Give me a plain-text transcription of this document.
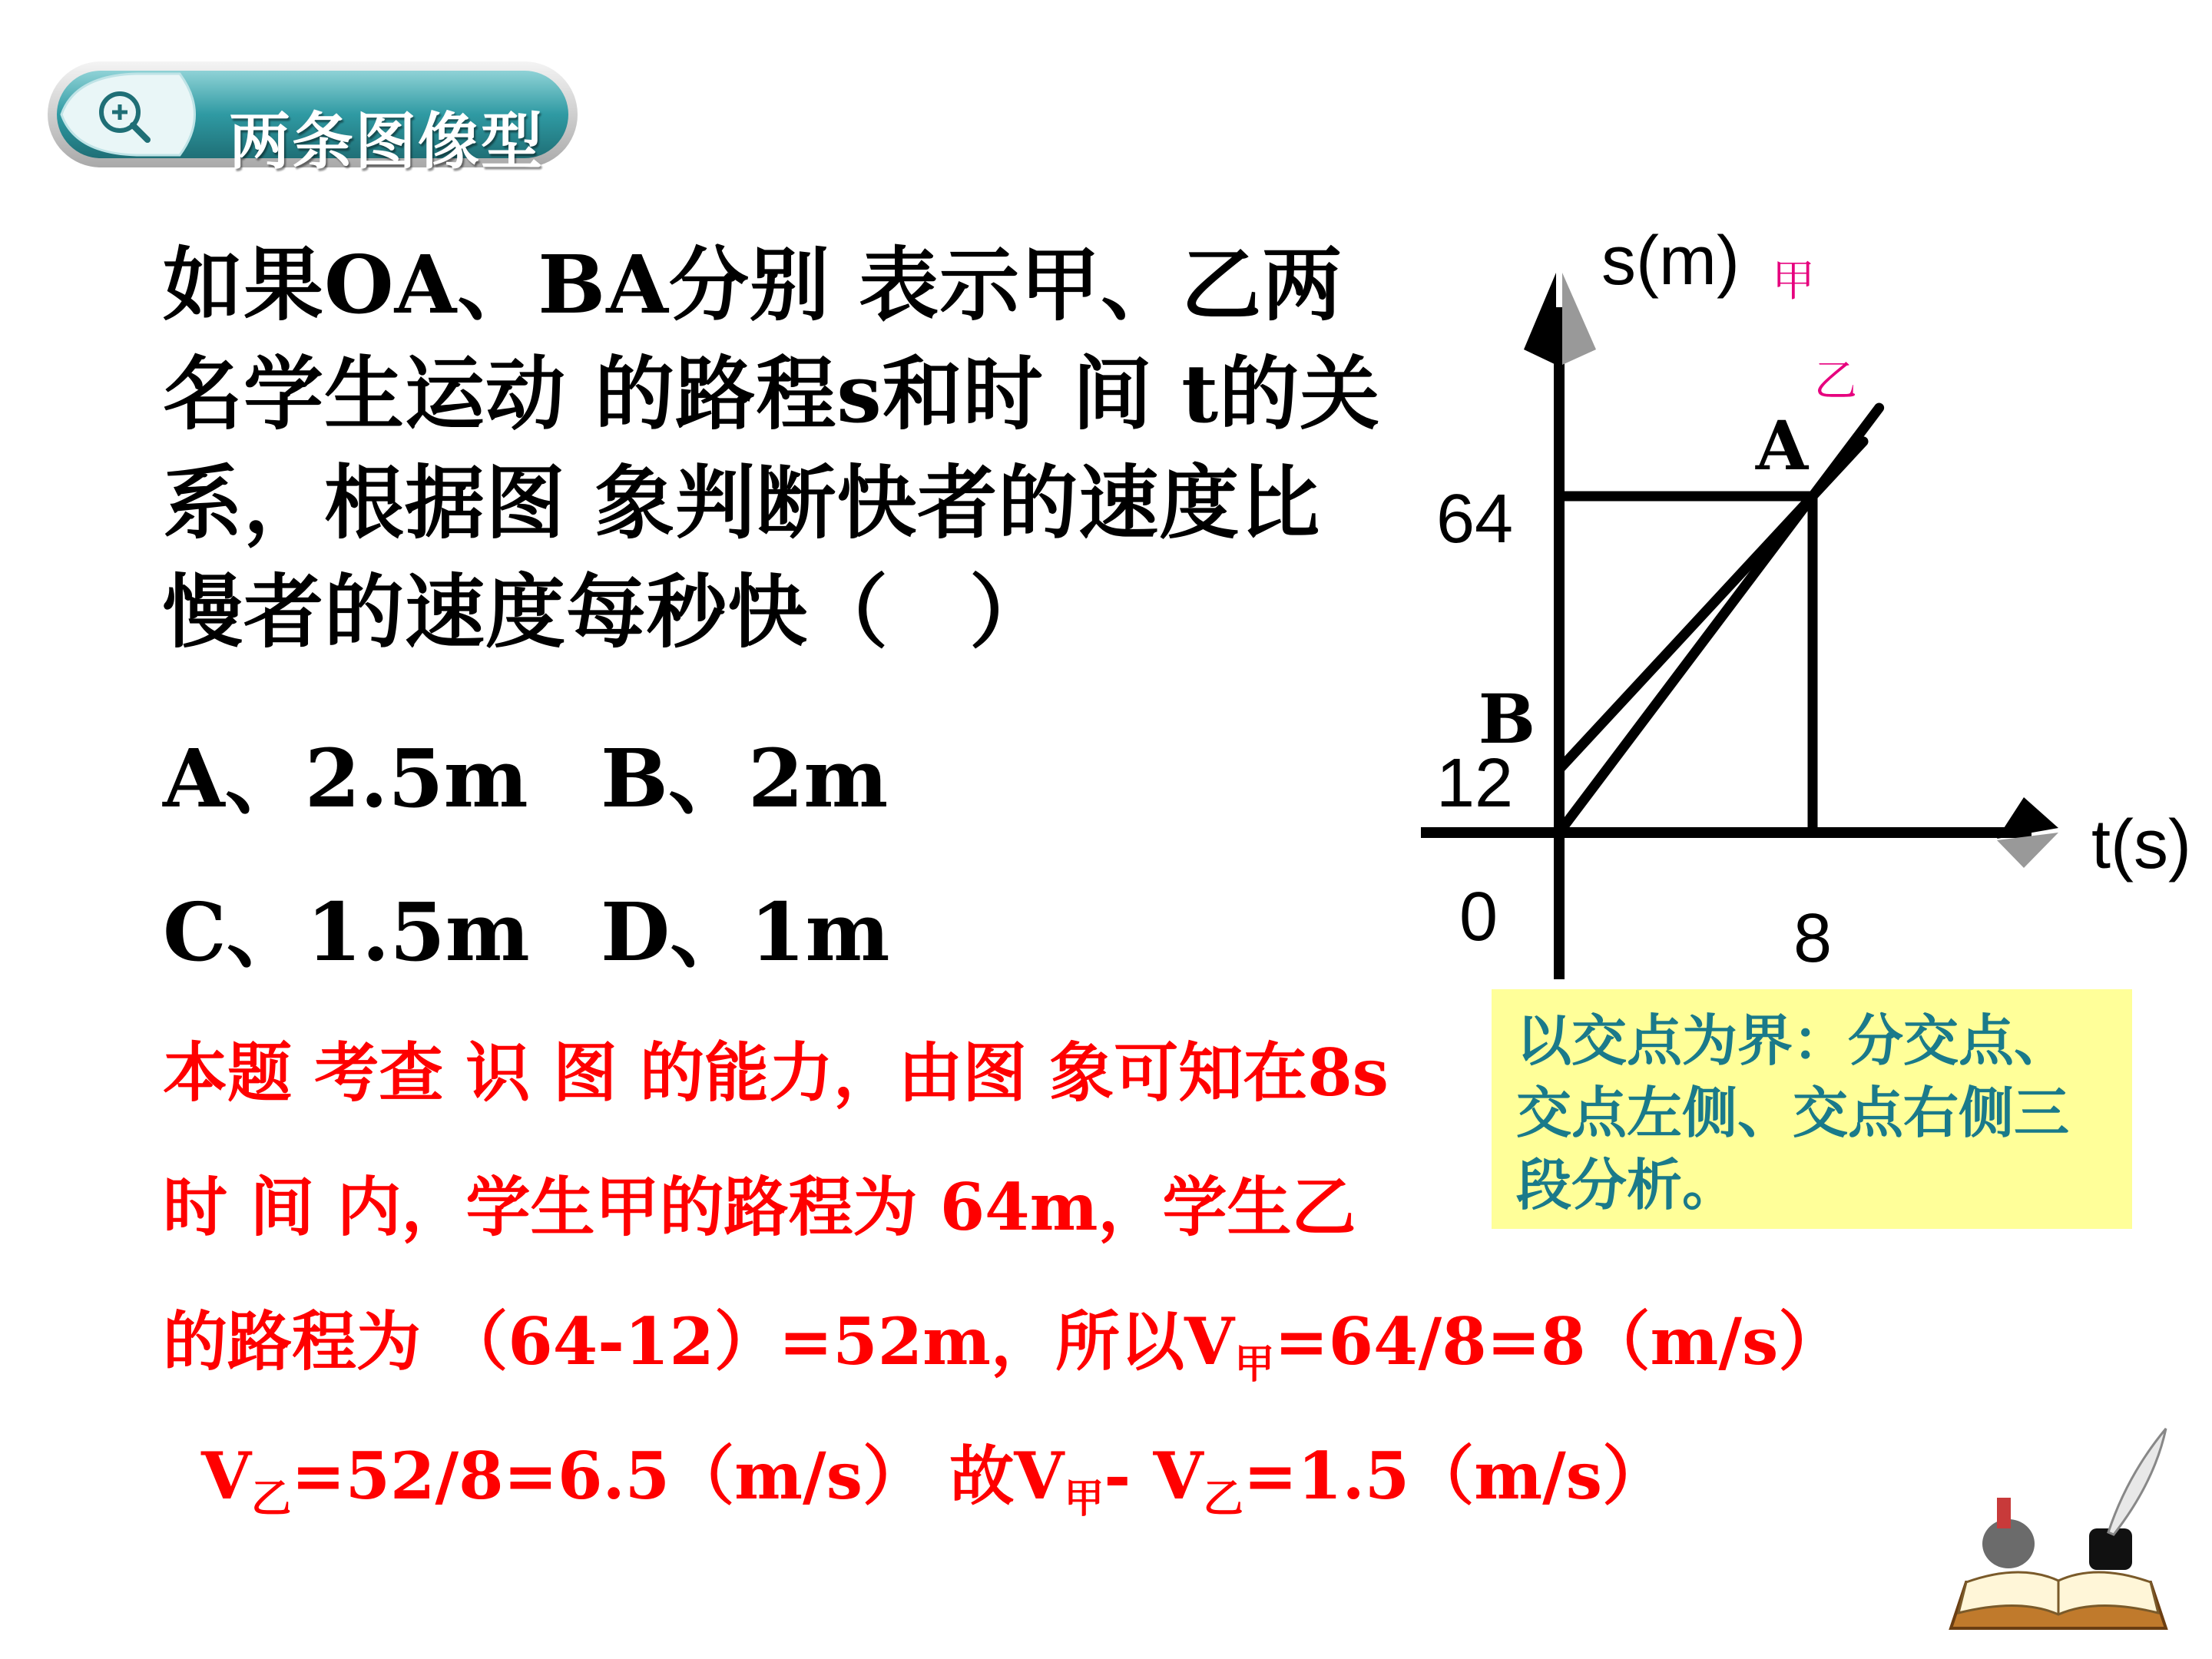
两条图像型
如果OA、BA分别 表示甲、乙两名学生运动 的路程s和时 间 t的关系，根据图 象判断快者的速度比慢者的速度每秒快（　）
A、2.5m B、2m
C、1.5m D、1m
本题 考查 识 图 的能力，由图 象可知在8s
时 间 内，学生甲的路程为 64m，学生乙
的路程为 （64-12）=52m，所以$V_甲=64/8=8(m/s)$
$V_乙=52/8=6.5(m/s)$ 故$V_甲-$ $V_乙=1.5(m/s)$
以交点为界：分交点、交点左侧、交点右侧三段分析。
甲
乙
s(m)
t(s)
0	8
12
64
A
B
